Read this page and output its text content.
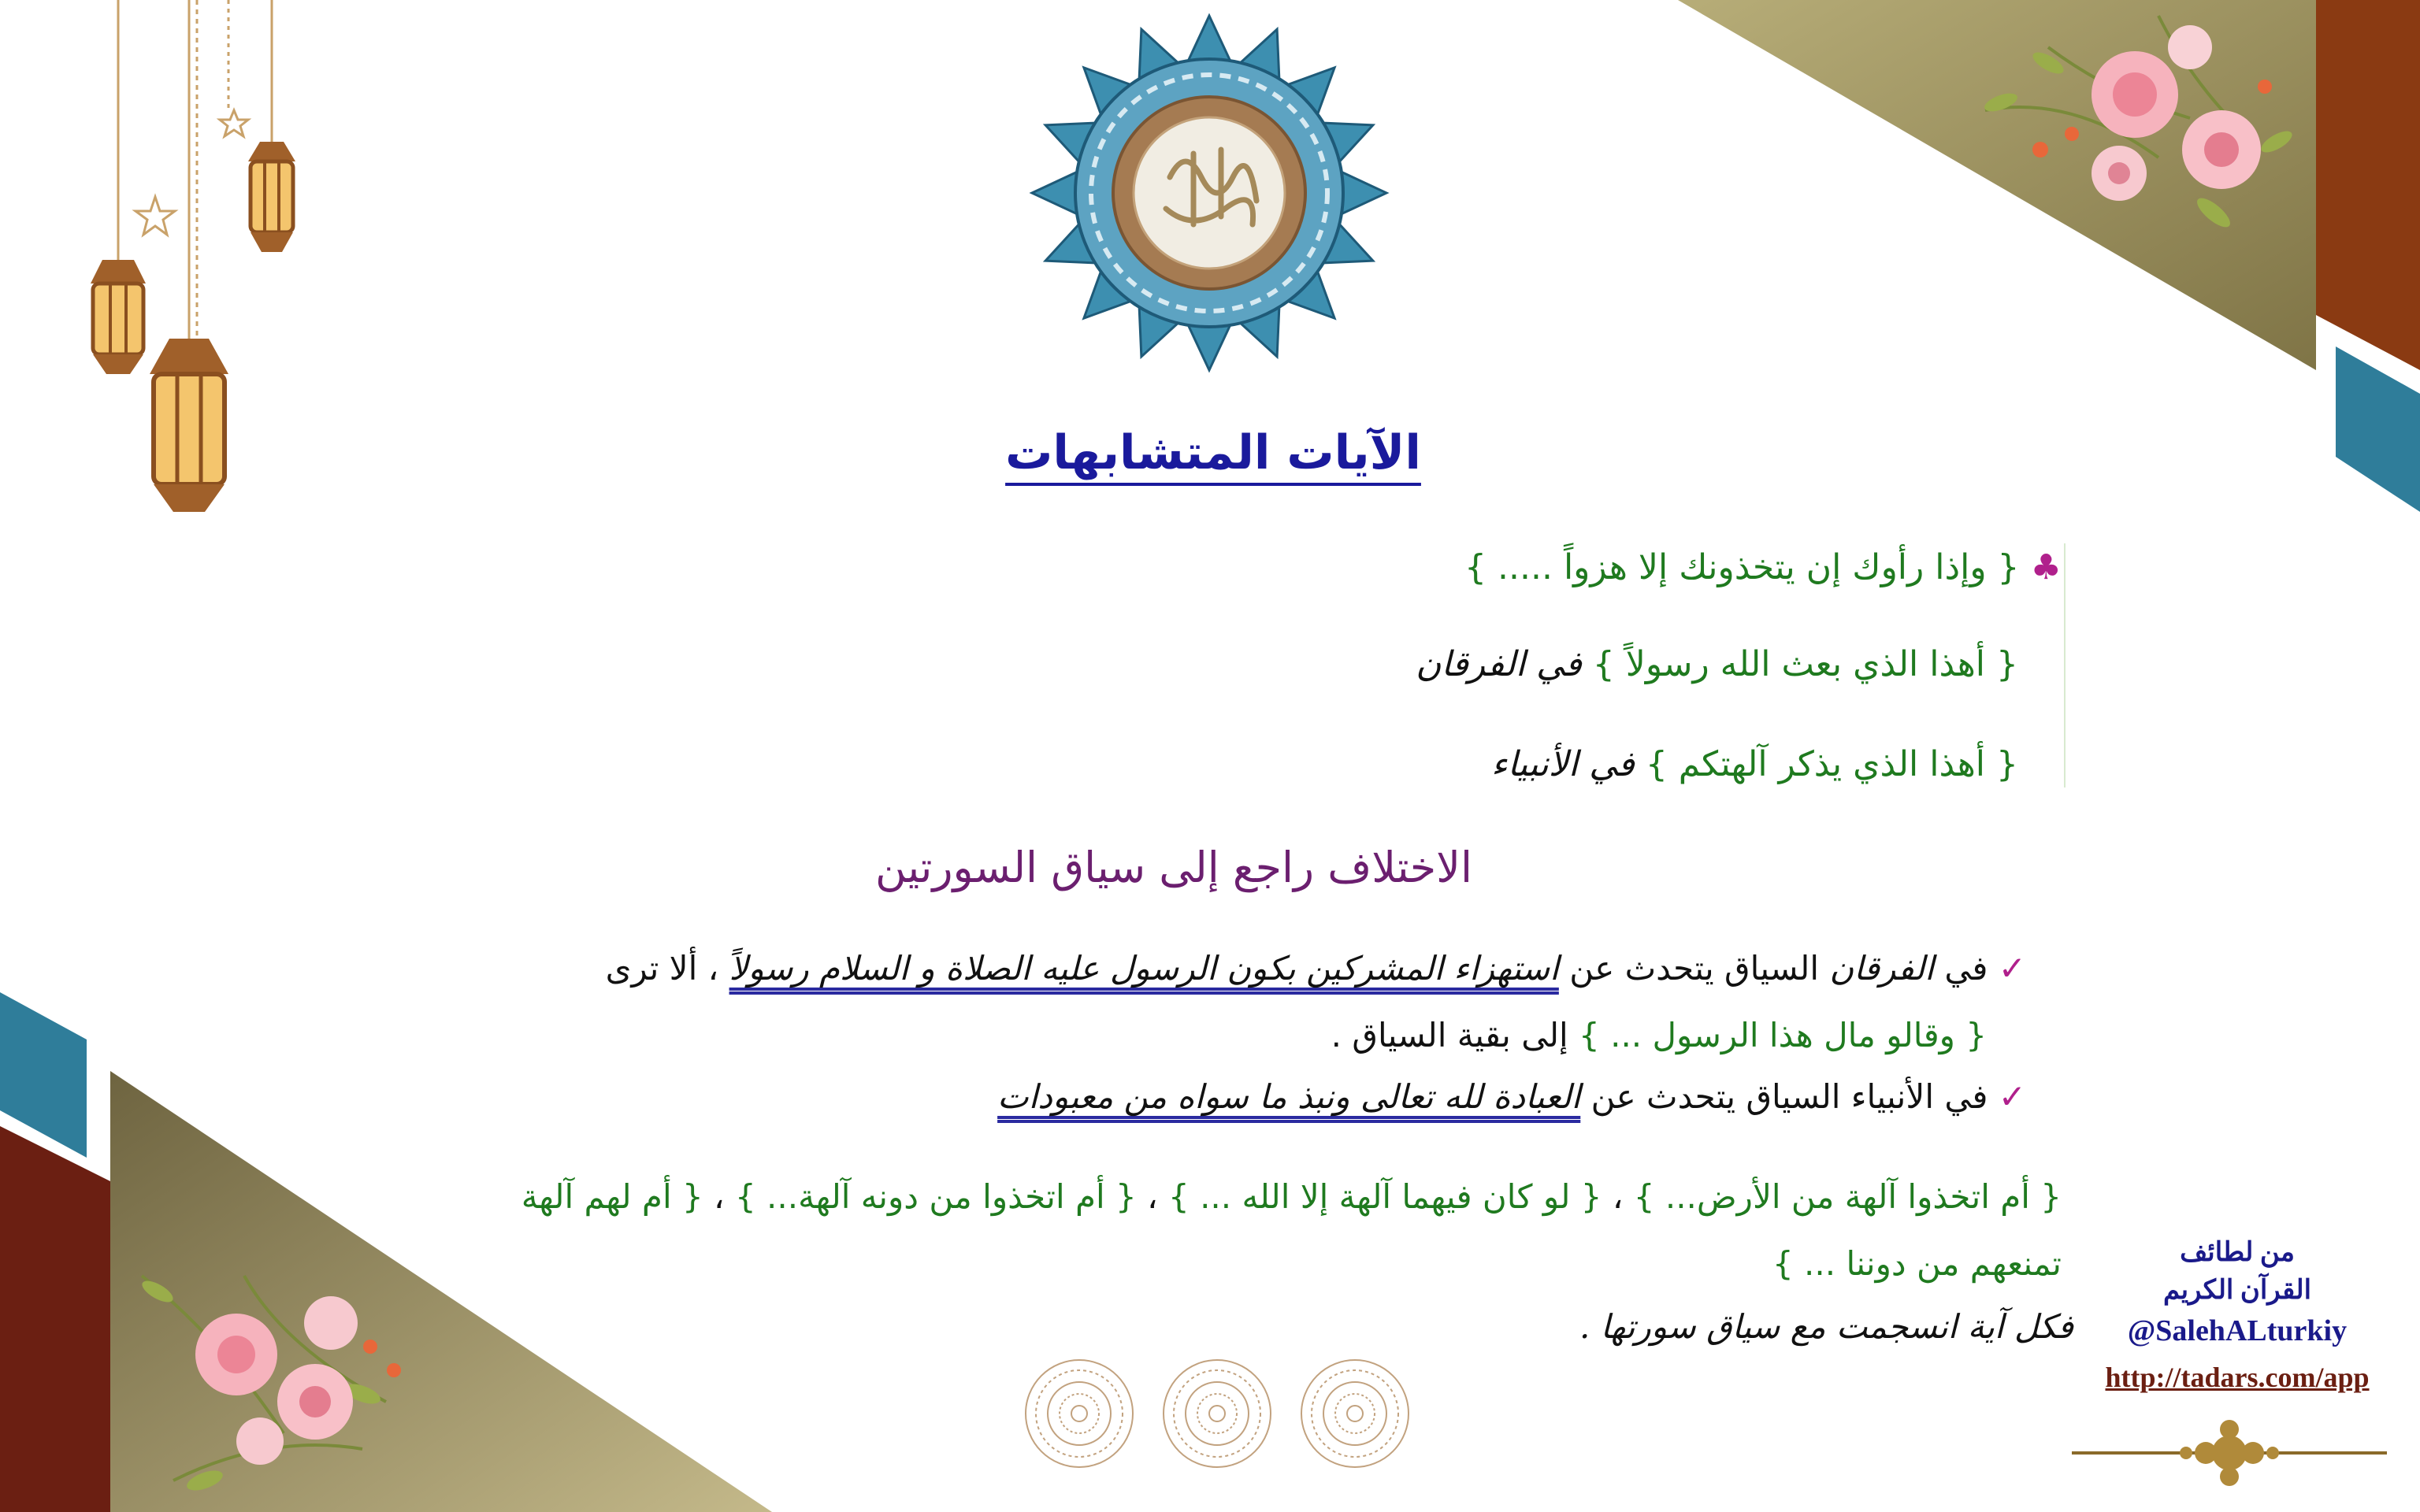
الآيات المتشابهات
♣ { وإذا رأوك إن يتخذونك إلا هزواً ..... }
{ أهذا الذي بعث الله رسولاً } في الفرقان
{ أهذا الذي يذكر آلهتكم } في الأنبياء
الاختلاف راجع إلى سياق السورتين
✓ في الفرقان السياق يتحدث عن استهزاء المشركين بكون الرسول عليه الصلاة و السلام رسولاً ، ألا ترى
{ وقالو مال هذا الرسول ... } إلى بقية السياق .
✓ في الأنبياء السياق يتحدث عن العبادة لله تعالى ونبذ ما سواه من معبودات
{ أم اتخذوا آلهة من الأرض... } ، { لو كان فيهما آلهة إلا الله ... } ، { أم اتخذوا من دونه آلهة... } ، { أم لهم آلهة
تمنعهم من دوننا ... }
فكل آية انسجمت مع سياق سورتها .
من لطائف
القرآن الكريم
@SalehALturkiy
http://tadars.com/app
